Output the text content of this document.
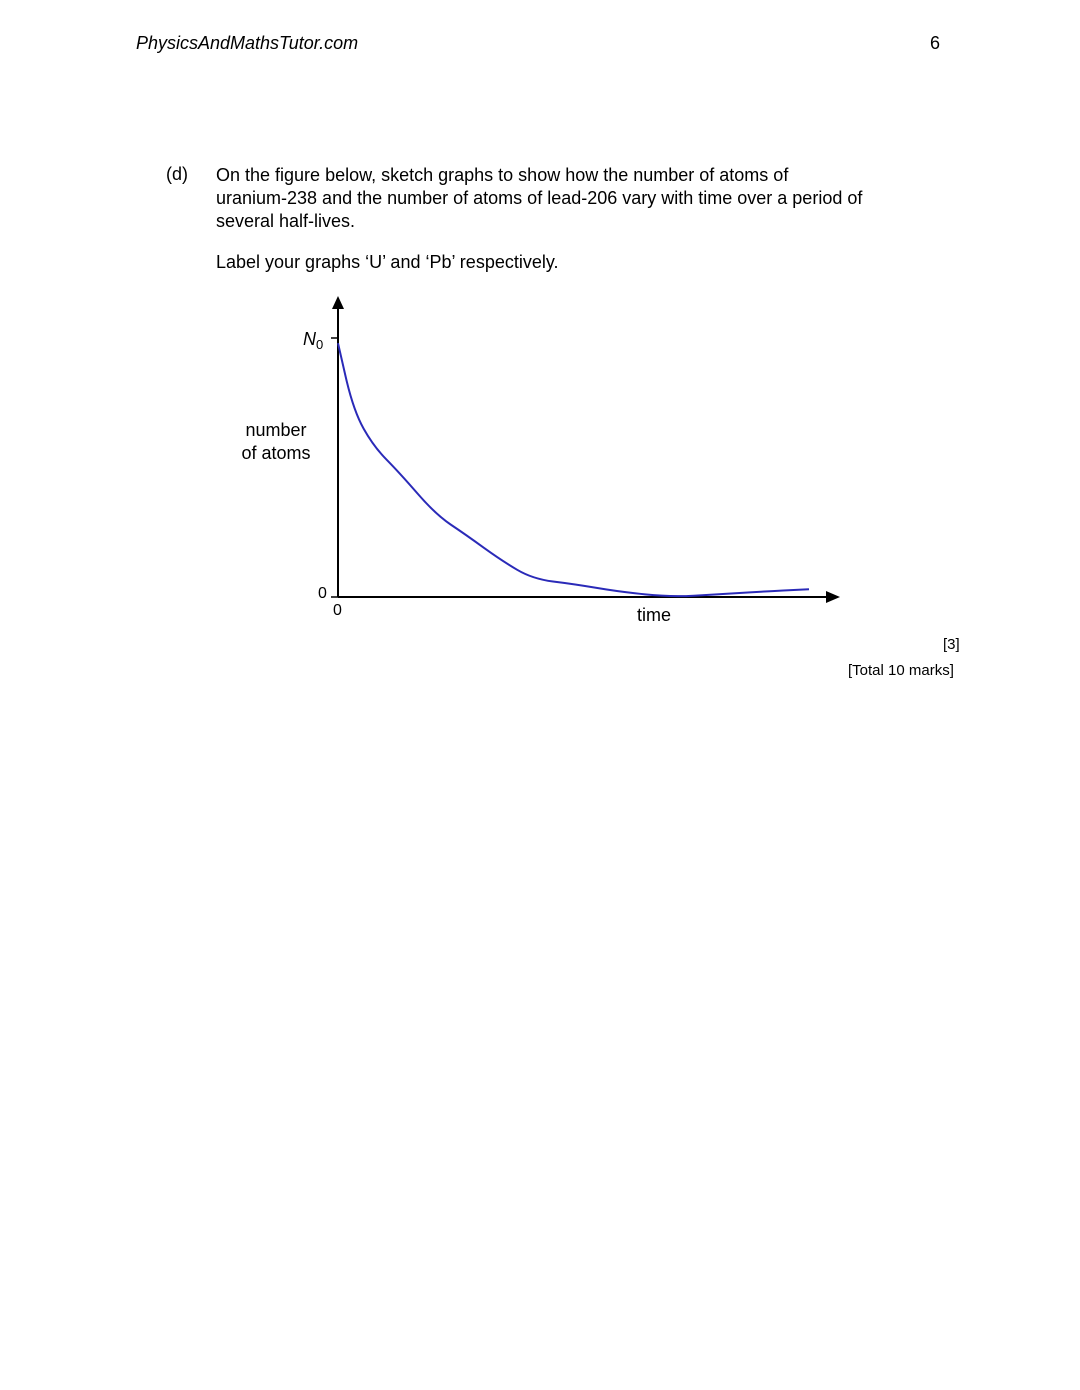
PhysicsAndMathsTutor.com	6
(d) On the figure below, sketch graphs to show how the number of atoms of
uranium-238 and the number of atoms of lead-206 vary with time over a period of
several half-lives.
Label your graphs ‘U’ and ‘Pb’ respectively.
$N_0$
number
of atoms
0
0	time
[3]
[Total 10 marks]
